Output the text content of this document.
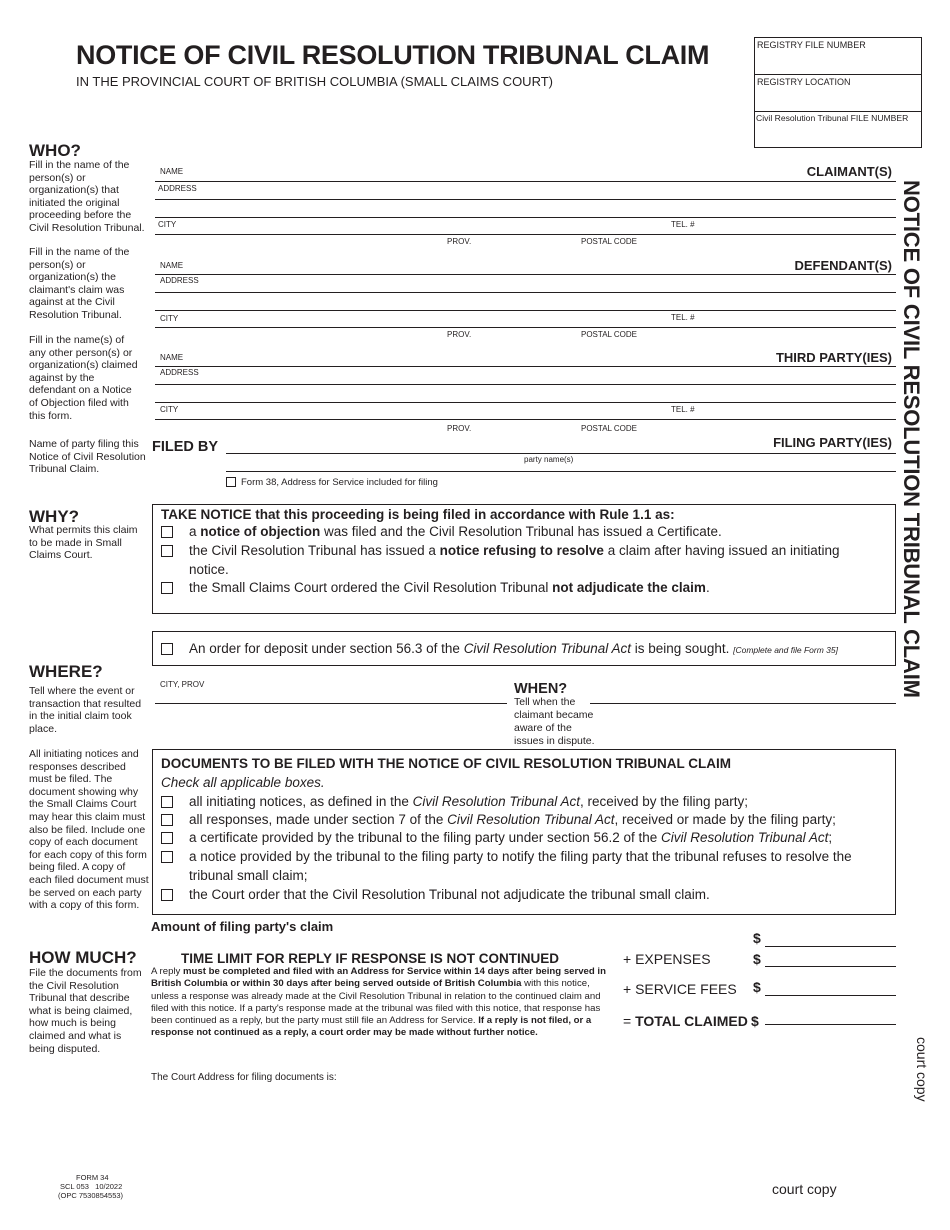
NOTICE OF CIVIL RESOLUTION TRIBUNAL CLAIM
IN THE PROVINCIAL COURT OF BRITISH COLUMBIA (SMALL CLAIMS COURT)
REGISTRY FILE NUMBER
REGISTRY LOCATION
Civil Resolution Tribunal FILE NUMBER
NOTICE OF CIVIL RESOLUTION TRIBUNAL CLAIM
court copy
WHO?
Fill in the name of the person(s) or organization(s) that initiated the original proceeding before the Civil Resolution Tribunal.
Fill in the name of the person(s) or organization(s) the claimant's claim was against at the Civil Resolution Tribunal.
Fill in the name(s) of any other person(s) or organization(s) claimed against by the defendant on a Notice of Objection filed with this form.
Name of party filing this Notice of Civil Resolution Tribunal Claim.
WHY?
What permits this claim to be made in Small Claims Court.
WHERE?
Tell where the event or transaction that resulted in the initial claim took place.
All initiating notices and responses described must be filed. The document showing why the Small Claims Court may hear this claim must also be filed. Include one copy of each document for each copy of this form being filed. A copy of each filed document must be served on each party with a copy of this form.
HOW MUCH?
File the documents from the Civil Resolution Tribunal that describe what is being claimed, how much is being claimed and what is being disputed.
NAME	CLAIMANT(S)
ADDRESS
CITY	TEL. #
PROV.	POSTAL CODE
NAME	DEFENDANT(S)
ADDRESS
CITY	TEL. #
PROV.	POSTAL CODE
NAME	THIRD PARTY(IES)
ADDRESS
CITY	TEL. #
PROV.	POSTAL CODE
FILED BY	FILING PARTY(IES)
party name(s)
Form 38, Address for Service included for filing
TAKE NOTICE that this proceeding is being filed in accordance with Rule 1.1 as:
a notice of objection was filed and the Civil Resolution Tribunal has issued a Certificate.
the Civil Resolution Tribunal has issued a notice refusing to resolve a claim after having issued an initiating notice.
the Small Claims Court ordered the Civil Resolution Tribunal not adjudicate the claim.
An order for deposit under section 56.3 of the Civil Resolution Tribunal Act is being sought. [Complete and file Form 35]
CITY, PROV	WHEN?
Tell when the claimant became aware of the issues in dispute.
DOCUMENTS TO BE FILED WITH THE NOTICE OF CIVIL RESOLUTION TRIBUNAL CLAIM
Check all applicable boxes.
all initiating notices, as defined in the Civil Resolution Tribunal Act, received by the filing party;
all responses, made under section 7 of the Civil Resolution Tribunal Act, received or made by the filing party;
a certificate provided by the tribunal to the filing party under section 56.2 of the Civil Resolution Tribunal Act;
a notice provided by the tribunal to the filing party to notify the filing party that the tribunal refuses to resolve the tribunal small claim;
the Court order that the Civil Resolution Tribunal not adjudicate the tribunal small claim.
Amount of filing party's claim
$
+ EXPENSES	$
+ SERVICE FEES $
= TOTAL CLAIMED $
TIME LIMIT FOR REPLY IF RESPONSE IS NOT CONTINUED
A reply must be completed and filed with an Address for Service within 14 days after being served in British Columbia or within 30 days after being served outside of British Columbia with this notice, unless a response was already made at the Civil Resolution Tribunal in relation to the continued claim and filed with this notice. If a party's response made at the tribunal was filed with this notice, that response has been continued as a reply, but the party must still file an Address for Service. If a reply is not filed, or a response not continued as a reply, a court order may be made without further notice.
The Court Address for filing documents is:
FORM 34
SCL 053   10/2022
(OPC 7530854553)	court copy
